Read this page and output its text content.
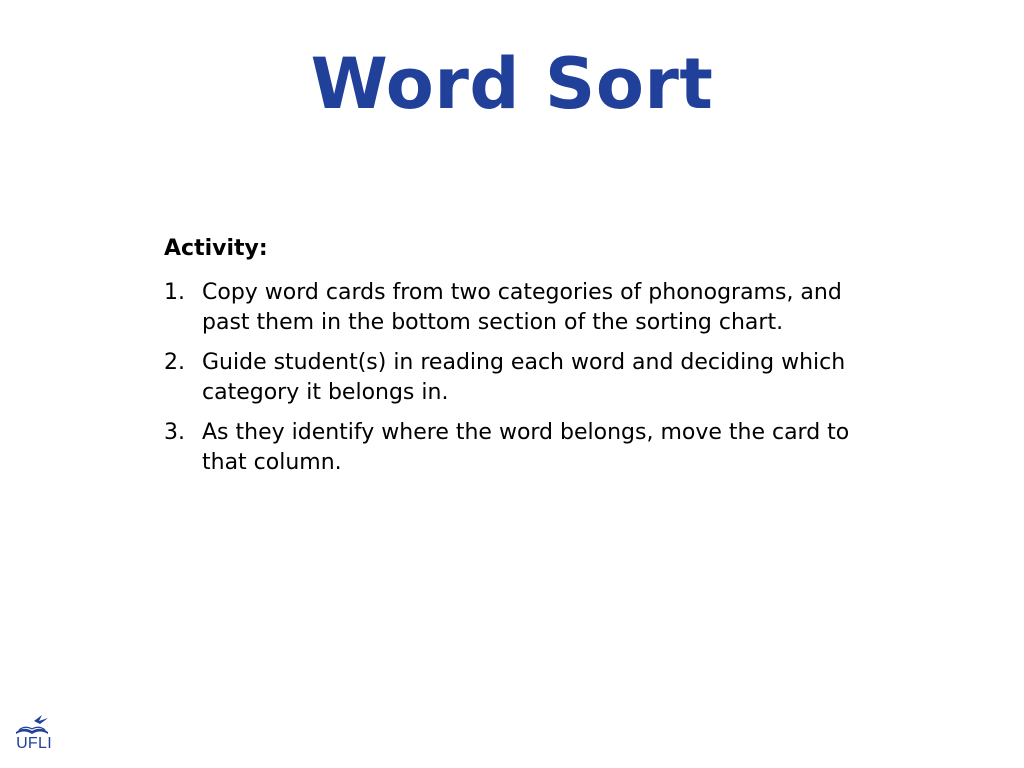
Word Sort
Activity:
1. Copy word cards from two categories of phonograms, and past them in the bottom section of the sorting chart.
2. Guide student(s) in reading each word and deciding which category it belongs in.
3. As they identify where the word belongs, move the card to that column.
UFLI
